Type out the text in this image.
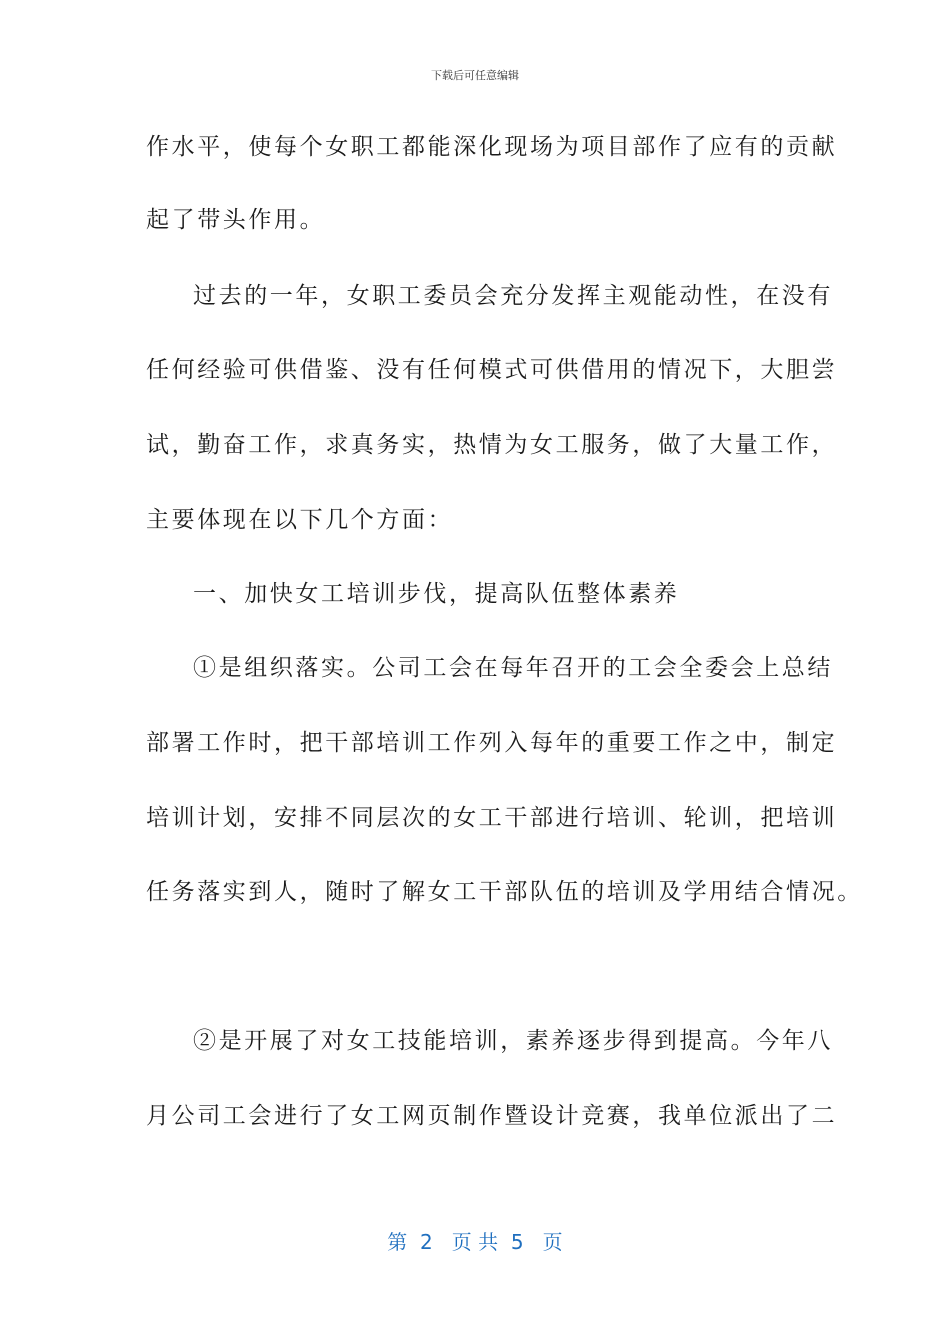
下载后可任意编辑
作水平，使每个女职工都能深化现场为项目部作了应有的贡献
起了带头作用。
过去的一年，女职工委员会充分发挥主观能动性，在没有
任何经验可供借鉴、没有任何模式可供借用的情况下，大胆尝
试，勤奋工作，求真务实，热情为女工服务，做了大量工作，
主要体现在以下几个方面：
一、加快女工培训步伐，提高队伍整体素养
①是组织落实。公司工会在每年召开的工会全委会上总结
部署工作时，把干部培训工作列入每年的重要工作之中，制定
培训计划，安排不同层次的女工干部进行培训、轮训，把培训
任务落实到人，随时了解女工干部队伍的培训及学用结合情况。
②是开展了对女工技能培训，素养逐步得到提高。今年八
月公司工会进行了女工网页制作暨设计竞赛，我单位派出了二
第  2   页 共  5   页
